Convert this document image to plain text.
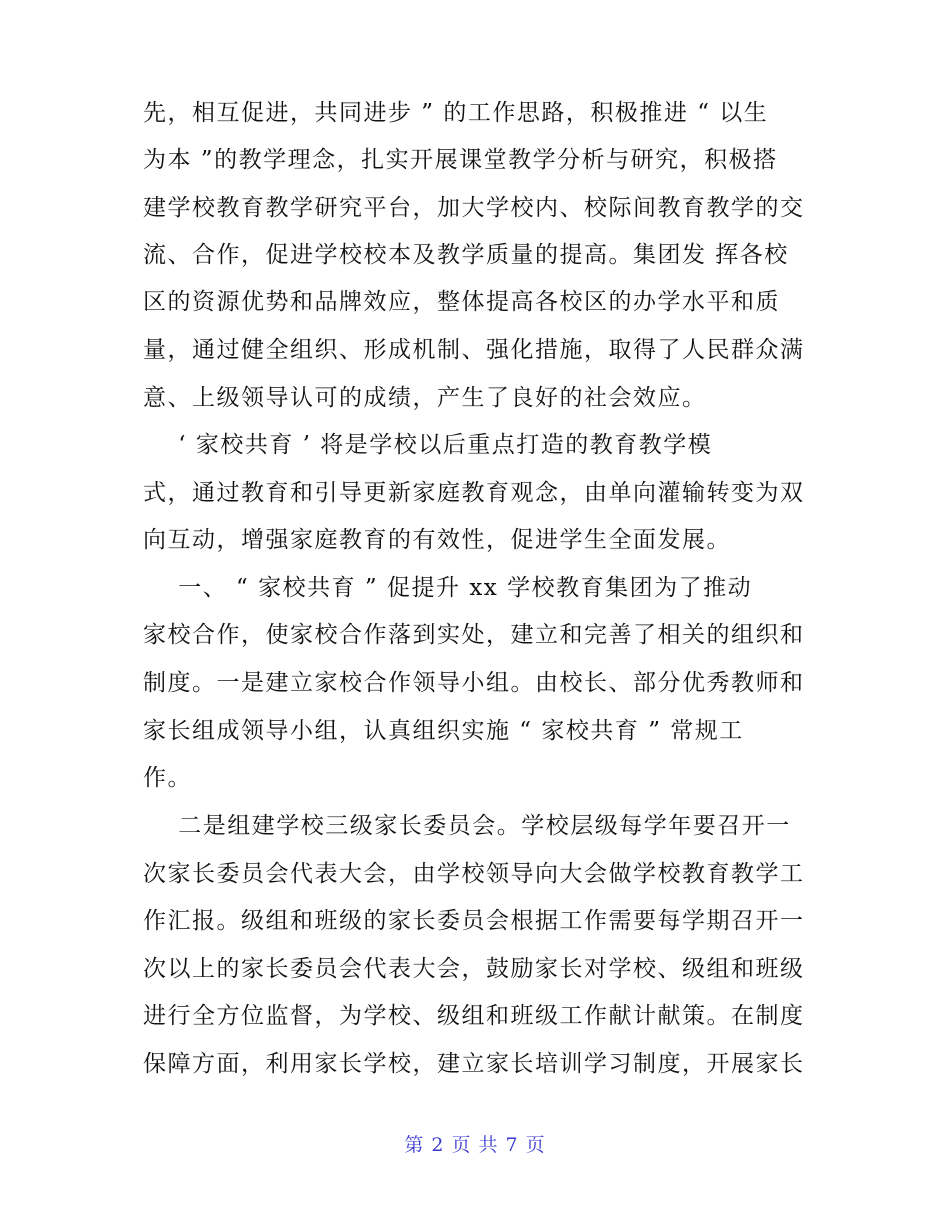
先，相互促进，共同进步 ” 的工作思路，积极推进 “ 以生
为本 ”的教学理念，扎实开展课堂教学分析与研究，积极搭
建学校教育教学研究平台，加大学校内、校际间教育教学的交
流、合作，促进学校校本及教学质量的提高。集团发 挥各校
区的资源优势和品牌效应，整体提高各校区的办学水平和质
量，通过健全组织、形成机制、强化措施，取得了人民群众满
意、上级领导认可的成绩，产生了良好的社会效应。
‘ 家校共育 ’ 将是学校以后重点打造的教育教学模
式，通过教育和引导更新家庭教育观念，由单向灌输转变为双
向互动，增强家庭教育的有效性，促进学生全面发展。
一、 “ 家校共育 ” 促提升 xx 学校教育集团为了推动
家校合作，使家校合作落到实处，建立和完善了相关的组织和
制度。一是建立家校合作领导小组。由校长、部分优秀教师和
家长组成领导小组，认真组织实施 “ 家校共育 ” 常规工
作。
二是组建学校三级家长委员会。学校层级每学年要召开一
次家长委员会代表大会，由学校领导向大会做学校教育教学工
作汇报。级组和班级的家长委员会根据工作需要每学期召开一
次以上的家长委员会代表大会，鼓励家长对学校、级组和班级
进行全方位监督，为学校、级组和班级工作献计献策。在制度
保障方面，利用家长学校，建立家长培训学习制度，开展家长
第 2 页 共 7 页
